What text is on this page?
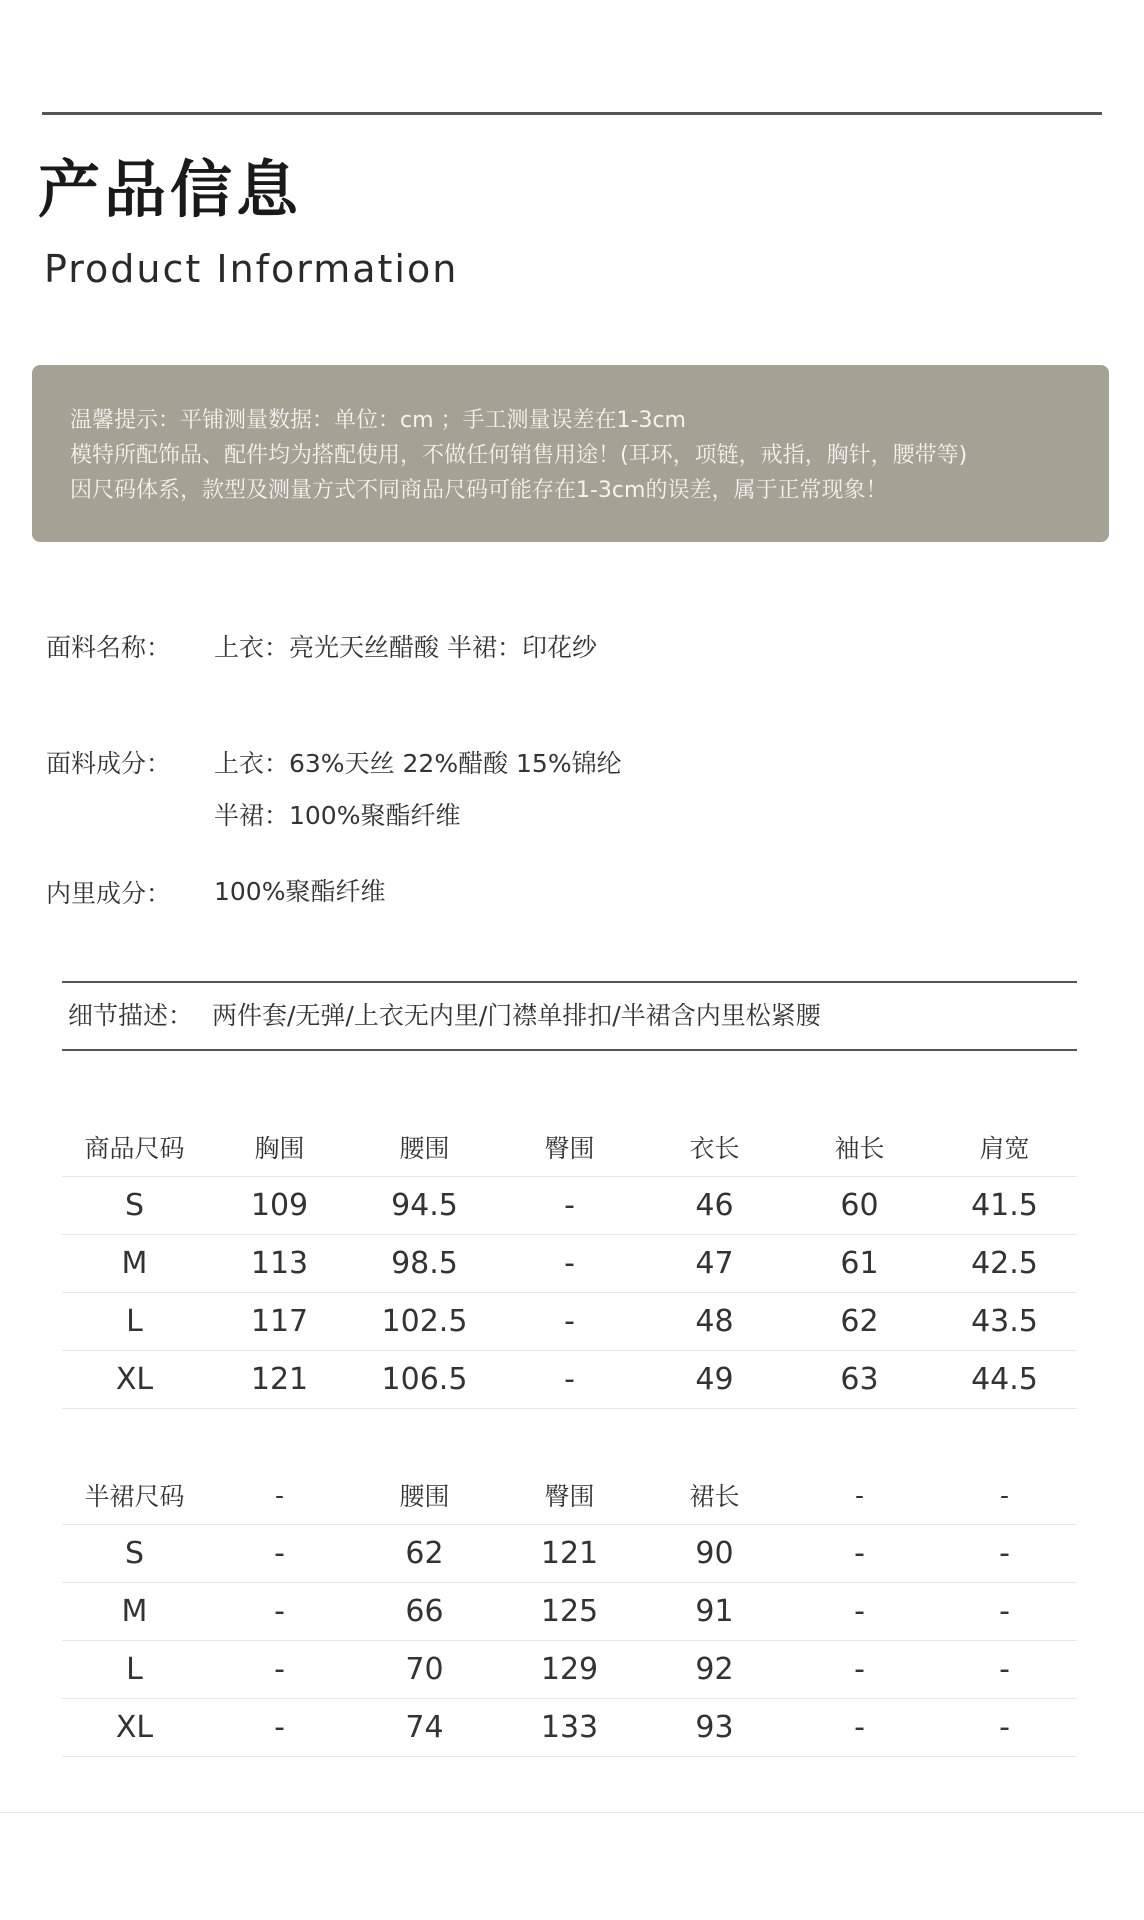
产品信息
Product Information
温馨提示：平铺测量数据：单位：cm ；手工测量误差在1-3cm
模特所配饰品、配件均为搭配使用，不做任何销售用途！(耳环，项链，戒指，胸针，腰带等)
因尺码体系，款型及测量方式不同商品尺码可能存在1-3cm的误差，属于正常现象！
面料名称： 上衣：亮光天丝醋酸 半裙：印花纱
面料成分： 上衣：63%天丝 22%醋酸 15%锦纶
半裙：100%聚酯纤维
内里成分： 100%聚酯纤维
细节描述： 两件套/无弹/上衣无内里/门襟单排扣/半裙含内里松紧腰
商品尺码	胸围	腰围	臀围	衣长	袖长	肩宽
S	109	94.5	-	46	60	41.5
M	113	98.5	-	47	61	42.5
L	117	102.5	-	48	62	43.5
XL	121	106.5	-	49	63	44.5
半裙尺码	-	腰围	臀围	裙长	-	-
S	-	62	121	90	-	-
M	-	66	125	91	-	-
L	-	70	129	92	-	-
XL	-	74	133	93	-	-
